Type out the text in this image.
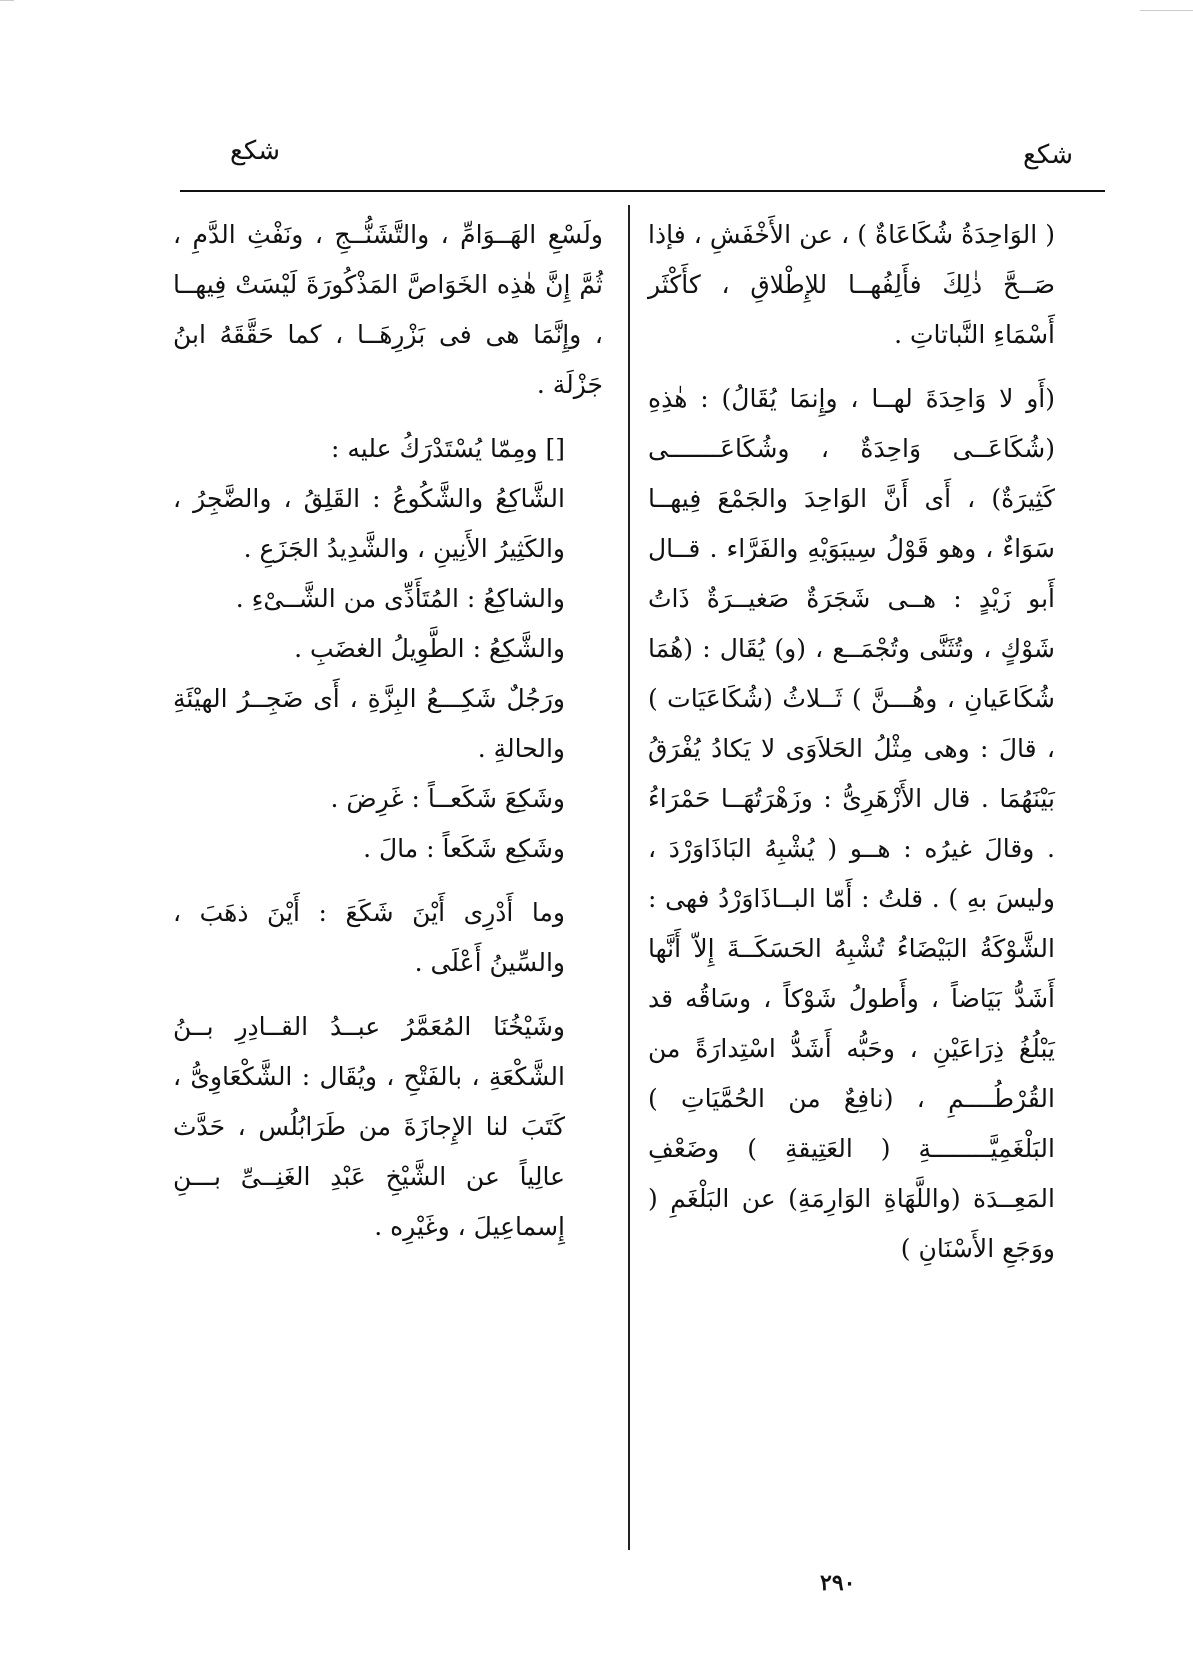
شكع
شكع

( الوَاحِدَةُ شُكَاعَاةٌ ) ، عن الأَخْفَشِ ، فإذا صَــحَّ ذٰلِكَ فأَلِفُهــا للإِطْلاقِ ، كأَكْثَر أَسْمَاءِ النَّباتاتِ .

(أَو لا وَاحِدَةَ لهــا ، وإِنمَا يُقَالُ) : هٰذِهِ (شُكَاعَــى وَاحِدَةٌ ، وشُكَاعَـــــــى كَثِيرَةٌ) ، أَى أَنَّ الوَاحِدَ والجَمْعَ فِيهــا سَوَاءٌ ، وهو قَوْلُ سِيبَوَيْهِ والفَرَّاء . قــال أَبو زَيْدٍ : هــى شَجَرَةٌ صَغيــرَةٌ ذَاتُ شَوْكٍ ، وتُثَنَّى وتُجْمَــع ، (و) يُقَال : (هُمَا شُكَاعَيانِ ، وهُـــنَّ ) ثَــلاثُ (شُكَاعَيَات ) ، قالَ : وهى مِثْلُ الحَلاَوَى لا يَكادُ يُفْرَقُ بَيْنَهُمَا . قال الأَزْهَرِىُّ : وزَهْرَتُهَــا حَمْرَاءُ . وقالَ غيرُه : هــو ( يُشْبِهُ البَاذَاوَرْدَ ، وليسَ بهِ ) . قلتُ : أَمّا البــاذَاوَرْدُ فهى : الشَّوْكَةُ البَيْضَاءُ تُشْبِهُ الحَسَكَــةَ إِلاّ أَنَّها أَشَدُّ بَيَاضاً ، وأَطولُ شَوْكاً ، وسَاقُه قد يَبْلُغُ ذِرَاعَيْنِ ، وحَبُّه أَشَدُّ اسْتِدارَةً من القُرْطُــــمِ ، (نافِعٌ من الحُمَّيَاتِ ) البَلْغَمِيَّــــــــةِ ( العَتِيقةِ ) وضَعْفِ المَعِــدَة (واللَّهَاةِ الوَارِمَةِ) عن البَلْغَمِ ( ووَجَعِ الأَسْنَانِ )

ولَسْعِ الهَــوَامِّ ، والتَّشَنُّــجِ ، ونَفْثِ الدَّمِ ، ثُمَّ إِنَّ هٰذِه الخَوَاصَّ المَذْكُورَةَ لَيْسَتْ فِيهــا ، وإِنَّمَا هى فى بَزْرِهَــا ، كما حَقَّقَهُ ابنُ جَزْلَة .

[] ومِمّا يُسْتَدْرَكُ عليه :

الشَّاكِعُ والشَّكُوعُ : القَلِقُ ، والضَّجِرُ ، والكَثِيرُ الأَنِينِ ، والشَّدِيدُ الجَزَعِ .

والشاكِعُ : المُتَأَذِّى من الشَّــىْءِ .

والشَّكِعُ : الطَّوِيلُ الغضَبِ .

ورَجُلٌ شَكِـــعُ البِزَّةِ ، أَى ضَجِــرُ الهيْئَةِ والحالةِ .

وشَكِعَ شَكَعــاً : غَرِضَ .

وشَكِع شَكَعاً : مالَ .

وما أَدْرِى أَيْنَ شَكَعَ : أَيْنَ ذهَبَ ، والسِّينُ أَعْلَى .

وشَيْخُنَا المُعَمَّرُ عبــدُ القــادِرِ بــنُ الشَّكْعَةِ ، بالفَتْحِ ، ويُقَال : الشَّكْعَاوِىُّ ، كَتَبَ لنا الإِجازَةَ من طَرَابُلُس ، حَدَّث عالِياً عن الشَّيْخِ عَبْدِ الغَنِــىِّ بـــنِ إِسماعِيلَ ، وغَيْرِه .

٢٩٠
